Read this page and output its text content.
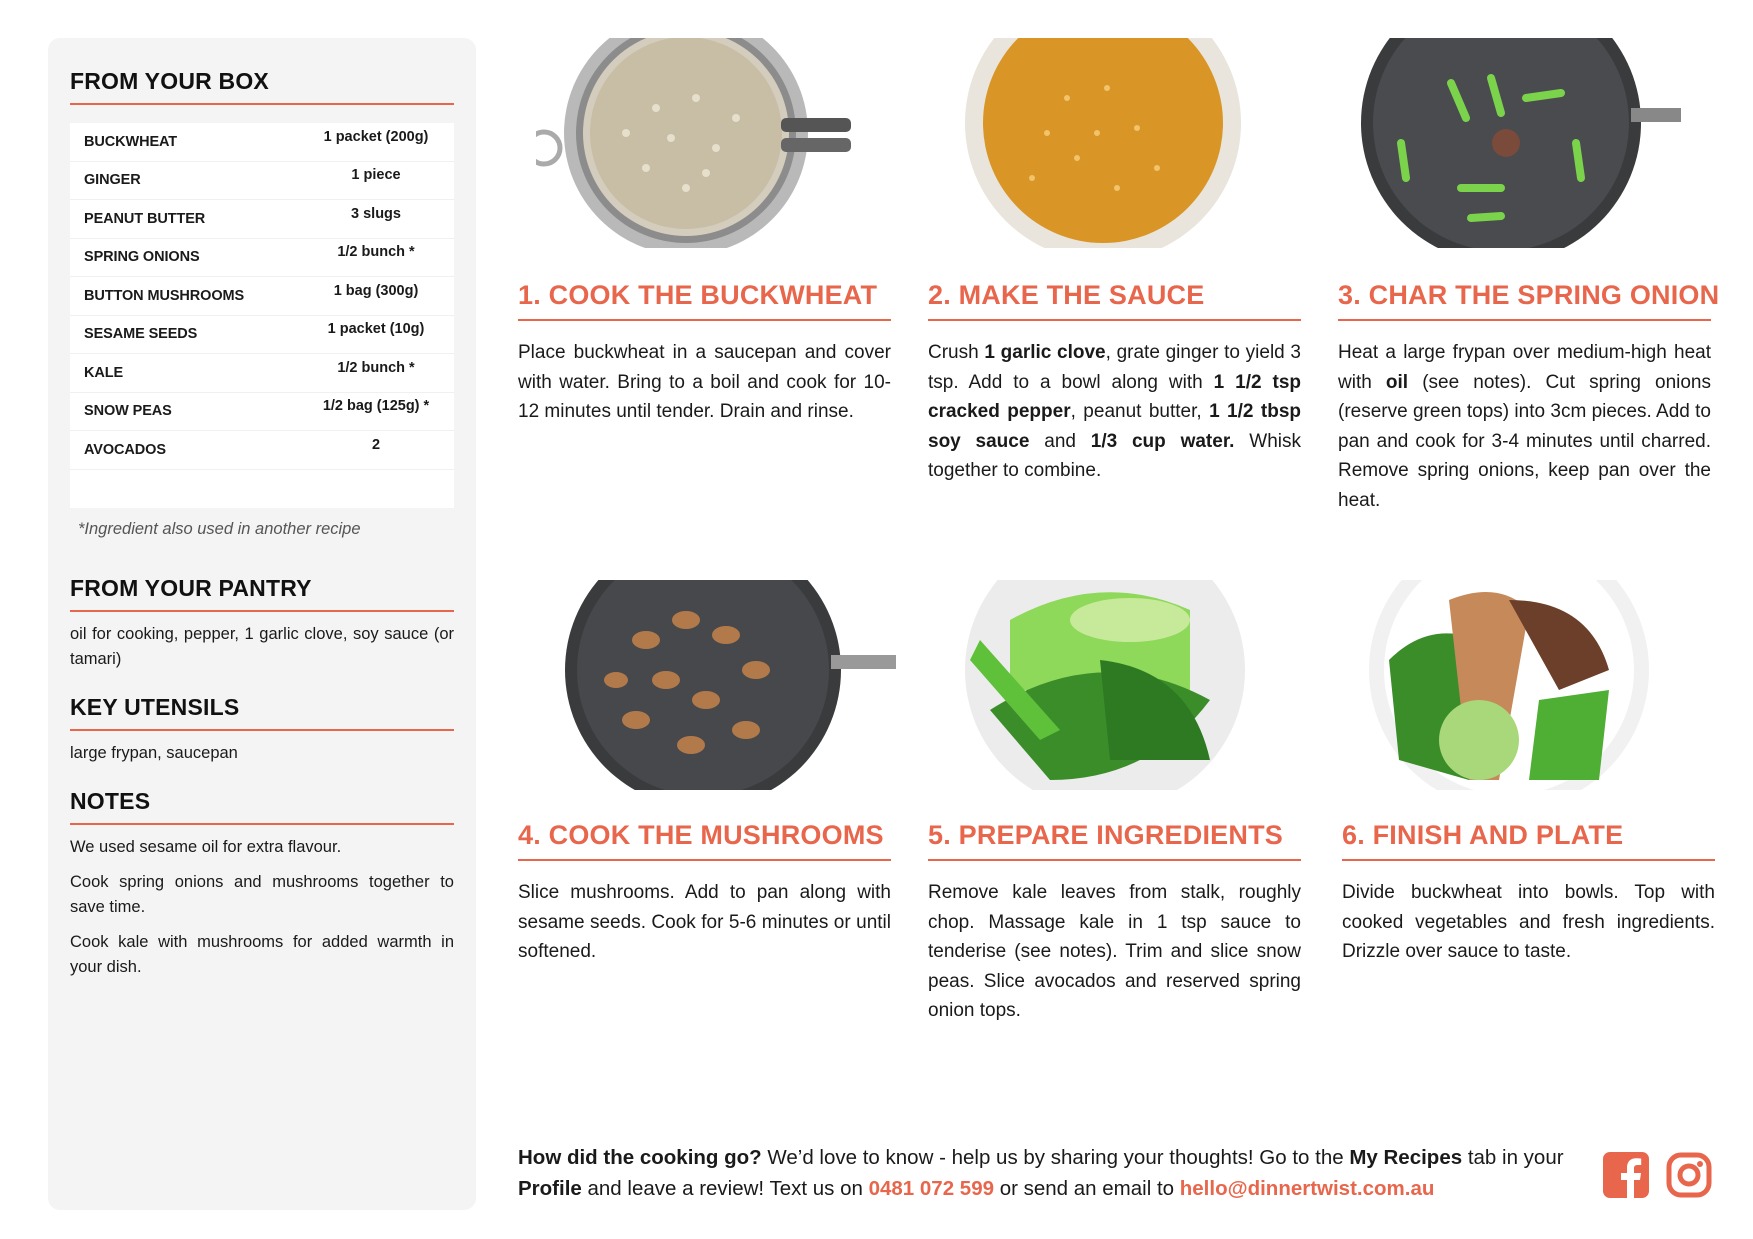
FROM YOUR BOX
BUCKWHEAT	1 packet (200g)
GINGER	1 piece
PEANUT BUTTER	3 slugs
SPRING ONIONS	1/2 bunch *
BUTTON MUSHROOMS	1 bag (300g)
SESAME SEEDS	1 packet (10g)
KALE	1/2 bunch *
SNOW PEAS	1/2 bag (125g) *
AVOCADOS	2
*Ingredient also used in another recipe
FROM YOUR PANTRY
oil for cooking, pepper, 1 garlic clove, soy sauce (or tamari)
KEY UTENSILS
large frypan, saucepan
NOTES

We used sesame oil for extra flavour.

Cook spring onions and mushrooms together to save time.

Cook kale with mushrooms for added warmth in your dish.

1. COOK THE BUCKWHEAT
Place buckwheat in a saucepan and cover with water. Bring to a boil and cook for 10-12 minutes until tender. Drain and rinse.
2. MAKE THE SAUCE
Crush 1 garlic clove, grate ginger to yield 3 tsp. Add to a bowl along with 1 1/2 tsp cracked pepper, peanut butter, 1 1/2 tbsp soy sauce and 1/3 cup water. Whisk together to combine.
3. CHAR THE SPRING ONION
Heat a large frypan over medium-high heat with oil (see notes). Cut spring onions (reserve green tops) into 3cm pieces. Add to pan and cook for 3-4 minutes until charred. Remove spring onions, keep pan over the heat.
4. COOK THE MUSHROOMS
Slice mushrooms. Add to pan along with sesame seeds. Cook for 5-6 minutes or until softened.
5. PREPARE INGREDIENTS
Remove kale leaves from stalk, roughly chop. Massage kale in 1 tsp sauce to tenderise (see notes). Trim and slice snow peas. Slice avocados and reserved spring onion tops.
6. FINISH AND PLATE
Divide buckwheat into bowls. Top with cooked vegetables and fresh ingredients. Drizzle over sauce to taste.
How did the cooking go? We’d love to know - help us by sharing your thoughts! Go to the My Recipes tab in your Profile and leave a review! Text us on 0481 072 599 or send an email to hello@dinnertwist.com.au
